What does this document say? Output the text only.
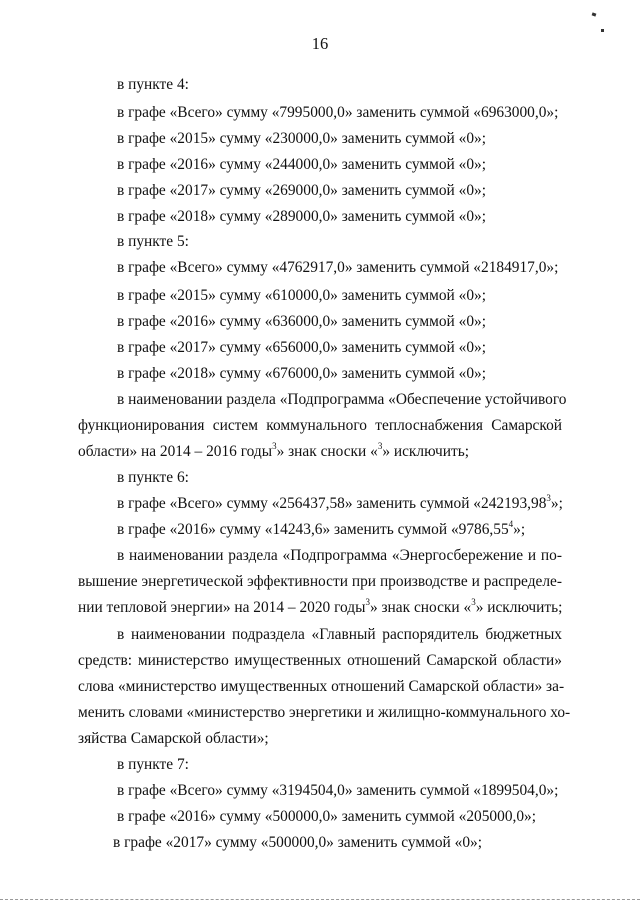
16
в пункте 4:
в графе «Всего» сумму «7995000,0» заменить суммой «6963000,0»;
в графе «2015» сумму «230000,0» заменить суммой «0»;
в графе «2016» сумму «244000,0» заменить суммой «0»;
в графе «2017» сумму «269000,0» заменить суммой «0»;
в графе «2018» сумму «289000,0» заменить суммой «0»;
в пункте 5:
в графе «Всего» сумму «4762917,0» заменить суммой «2184917,0»;
в графе «2015» сумму «610000,0» заменить суммой «0»;
в графе «2016» сумму «636000,0» заменить суммой «0»;
в графе «2017» сумму «656000,0» заменить суммой «0»;
в графе «2018» сумму «676000,0» заменить суммой «0»;
в наименовании раздела «Подпрограмма «Обеспечение устойчивого
функционирования систем коммунального теплоснабжения Самарской
области» на 2014 – 2016 годы$^3$» знак сноски «$^3$» исключить;
в пункте 6:
в графе «Всего» сумму «256437,58» заменить суммой «242193,98$^3$»;
в графе «2016» сумму «14243,6» заменить суммой «9786,55$^4$»;
в наименовании раздела «Подпрограмма «Энергосбережение и по-
вышение энергетической эффективности при производстве и распределе-
нии тепловой энергии» на 2014 – 2020 годы$^3$» знак сноски «$^3$» исключить;
в наименовании подраздела «Главный распорядитель бюджетных
средств: министерство имущественных отношений Самарской области»
слова «министерство имущественных отношений Самарской области» за-
менить словами «министерство энергетики и жилищно-коммунального хо-
зяйства Самарской области»;
в пункте 7:
в графе «Всего» сумму «3194504,0» заменить суммой «1899504,0»;
в графе «2016» сумму «500000,0» заменить суммой «205000,0»;
в графе «2017» сумму «500000,0» заменить суммой «0»;
